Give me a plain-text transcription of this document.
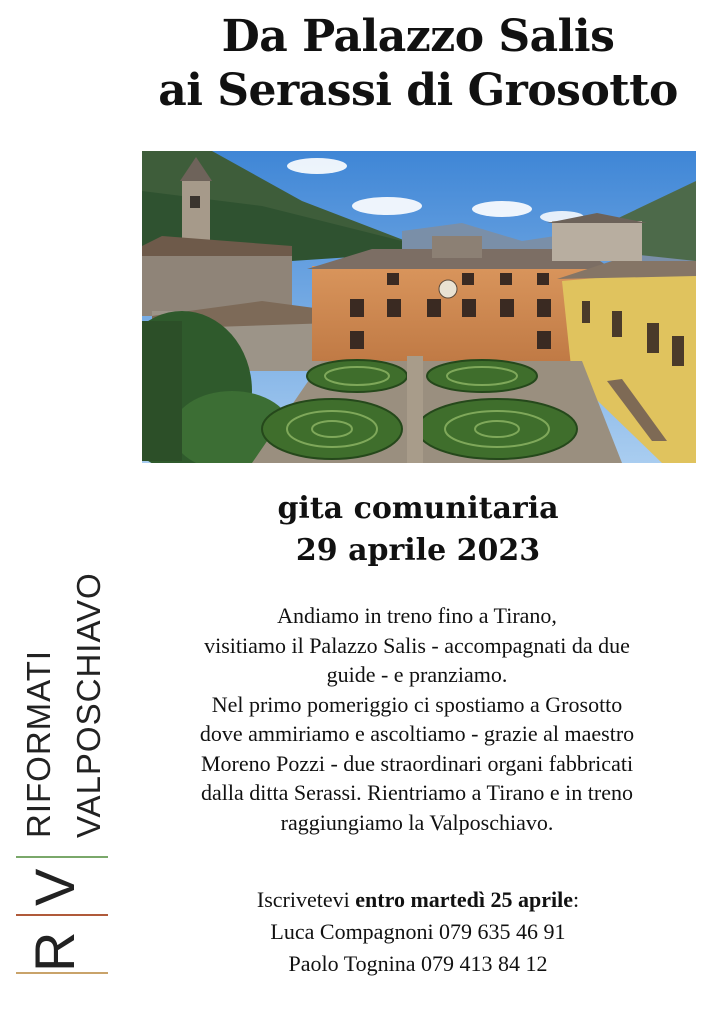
Da Palazzo Salis
ai Serassi di Grosotto
gita comunitaria
29 aprile 2023
Andiamo in treno fino a Tirano,
visitiamo il Palazzo Salis - accompagnati da due
guide - e pranziamo.
Nel primo pomeriggio ci spostiamo a Grosotto
dove ammiriamo e ascoltiamo - grazie al maestro
Moreno Pozzi - due straordinari organi fabbricati
dalla ditta Serassi. Rientriamo a Tirano e in treno
raggiungiamo la Valposchiavo.
Iscrivetevi entro martedì 25 aprile:
Luca Compagnoni 079 635 46 91
Paolo Tognina 079 413 84 12
RIFORMATI VALPOSCHIAVO
V
R
